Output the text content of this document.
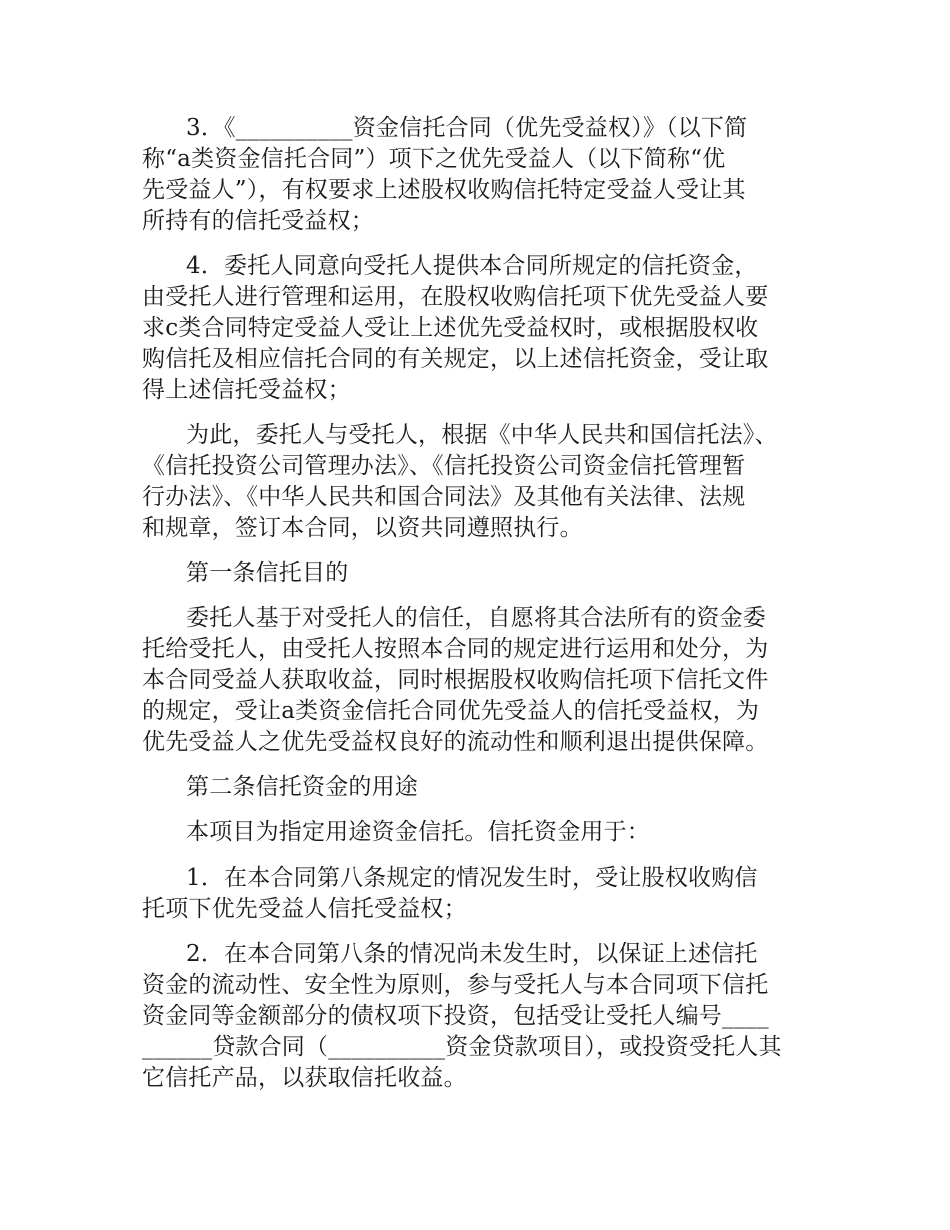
3．《__________资金信托合同（优先受益权）》（以下简
称“a类资金信托合同”）项下之优先受益人（以下简称“优
先受益人”），有权要求上述股权收购信托特定受益人受让其
所持有的信托受益权；

4．委托人同意向受托人提供本合同所规定的信托资金，
由受托人进行管理和运用，在股权收购信托项下优先受益人要
求c类合同特定受益人受让上述优先受益权时，或根据股权收
购信托及相应信托合同的有关规定，以上述信托资金，受让取
得上述信托受益权；

为此，委托人与受托人，根据《中华人民共和国信托法》、
《信托投资公司管理办法》、《信托投资公司资金信托管理暂
行办法》、《中华人民共和国合同法》及其他有关法律、法规
和规章，签订本合同，以资共同遵照执行。

第一条信托目的

委托人基于对受托人的信任，自愿将其合法所有的资金委
托给受托人，由受托人按照本合同的规定进行运用和处分，为
本合同受益人获取收益，同时根据股权收购信托项下信托文件
的规定，受让a类资金信托合同优先受益人的信托受益权，为
优先受益人之优先受益权良好的流动性和顺利退出提供保障。

第二条信托资金的用途

本项目为指定用途资金信托。信托资金用于：

1．在本合同第八条规定的情况发生时，受让股权收购信
托项下优先受益人信托受益权；

2．在本合同第八条的情况尚未发生时，以保证上述信托
资金的流动性、安全性为原则，参与受托人与本合同项下信托
资金同等金额部分的债权项下投资，包括受让受托人编号____
______贷款合同（__________资金贷款项目），或投资受托人其
它信托产品，以获取信托收益。
